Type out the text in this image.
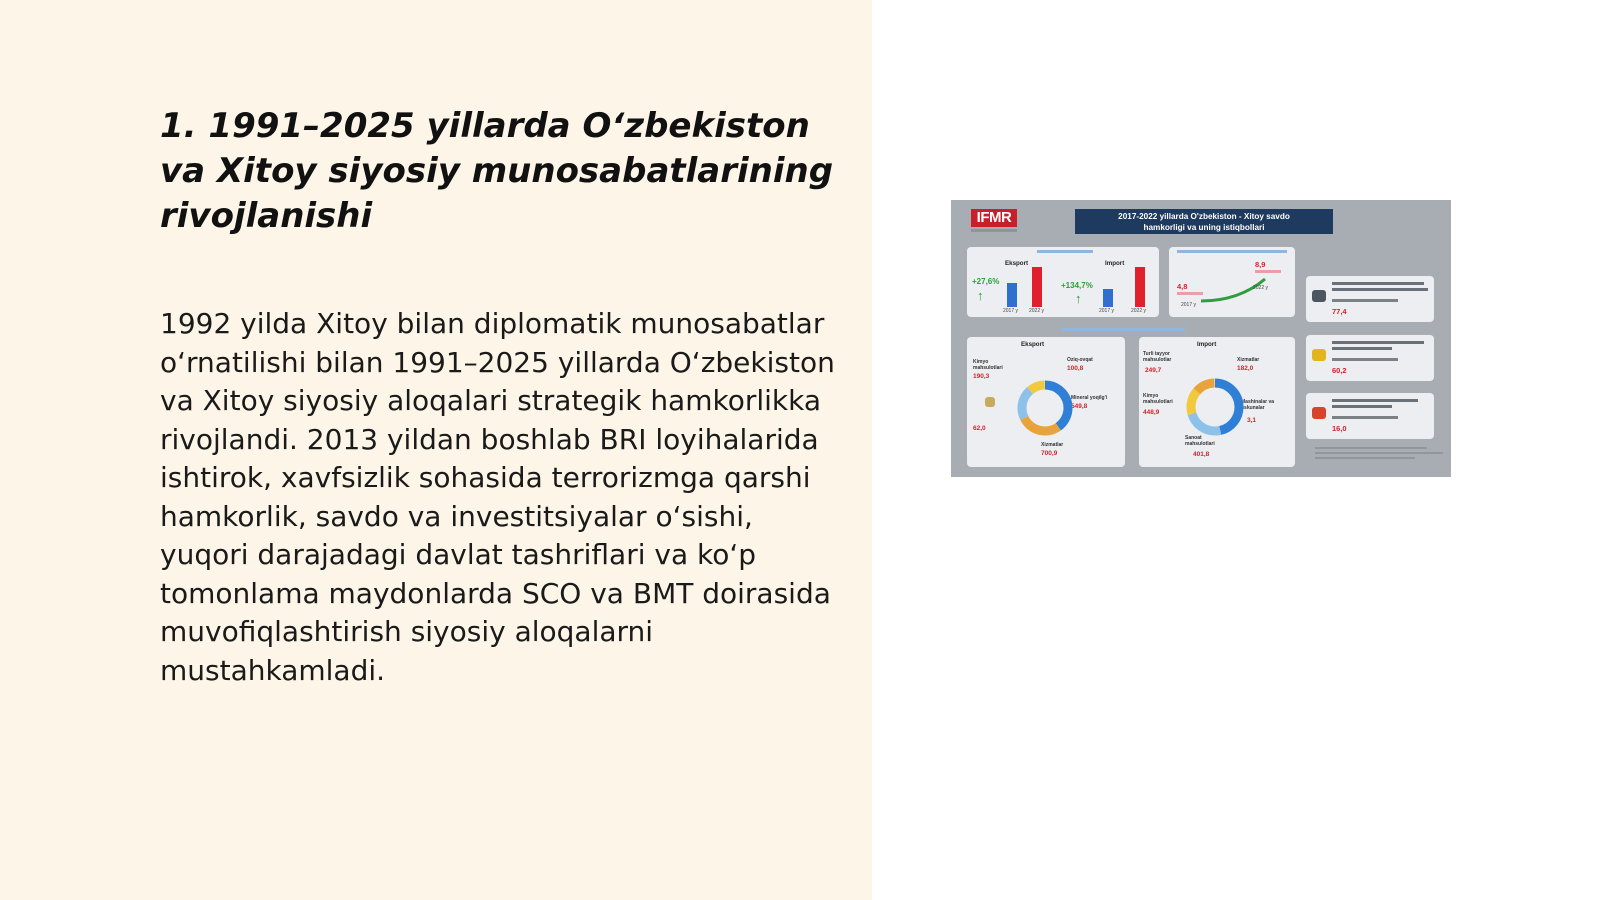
1. 1991–2025 yillarda O‘zbekiston va Xitoy siyosiy munosabatlarining rivojlanishi

1992 yilda Xitoy bilan diplomatik munosabatlar o‘rnatilishi bilan 1991–2025 yillarda O‘zbekiston va Xitoy siyosiy aloqalari strategik hamkorlikka rivojlandi. 2013 yildan boshlab BRI loyihalarida ishtirok, xavfsizlik sohasida terrorizmga qarshi hamkorlik, savdo va investitsiyalar o‘sishi, yuqori darajadagi davlat tashriflari va ko‘p tomonlama maydonlarda SCO va BMT doirasida muvofiqlashtirish siyosiy aloqalarni mustahkamladi.

IFMR	2017-2022 yillarda O'zbekiston - Xitoy savdo
hamkorligi va uning istiqbollari
Eksport	Import
+27,6%
↑
2017 y 2022 y
+134,7%
↑
2017 y	2022 y
8,9
4,8
2017 y
2022 y
77,4
60,2
16,0
Eksport
Kimyo mahsulotlari
190,3
Oziq-ovqat
100,8
Mineral yoqilg'i
549,8
Xizmatlar
700,9
62,0
Import
Turli tayyor mahsulotlar
249,7
Xizmatlar
182,0
Kimyo mahsulotlari
448,9
Mashinalar va uskunalar
3,1
Sanoat mahsulotlari
401,8
